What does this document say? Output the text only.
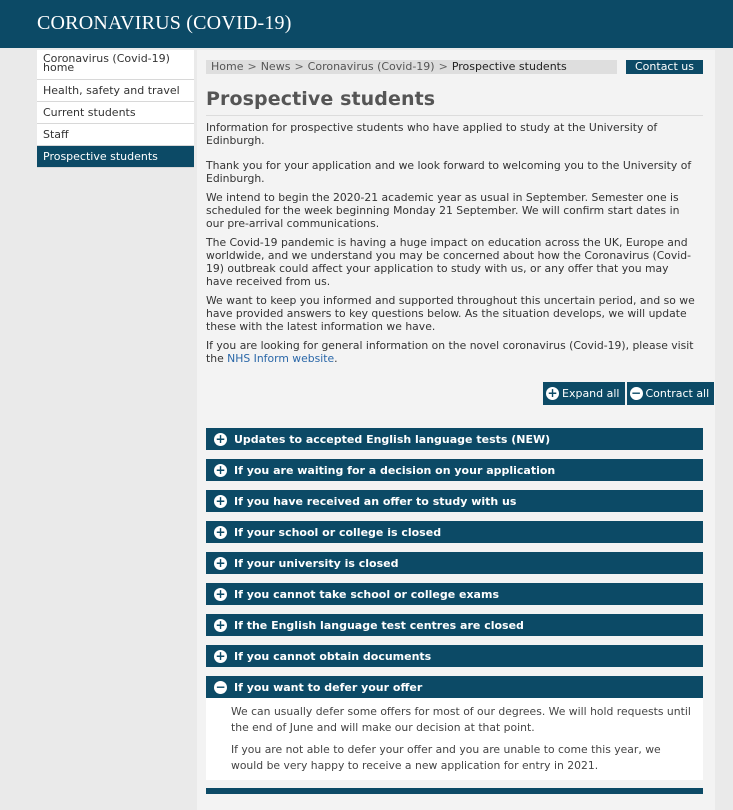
CORONAVIRUS (COVID-19)
Coronavirus (Covid-19) home
Health, safety and travel
Current students
Staff
Prospective students
Home > News > Coronavirus (Covid-19) > Prospective students	Contact us
Prospective students

Information for prospective students who have applied to study at the University of Edinburgh.

Thank you for your application and we look forward to welcoming you to the University of Edinburgh.

We intend to begin the 2020-21 academic year as usual in September. Semester one is scheduled for the week beginning Monday 21 September. We will confirm start dates in our pre-arrival communications.

The Covid-19 pandemic is having a huge impact on education across the UK, Europe and worldwide, and we understand you may be concerned about how the Coronavirus (Covid-19) outbreak could affect your application to study with us, or any offer that you may have received from us.

We want to keep you informed and supported throughout this uncertain period, and so we have provided answers to key questions below. As the situation develops, we will update these with the latest information we have.

If you are looking for general information on the novel coronavirus (Covid-19), please visit the NHS Inform website.

+ Expand all − Contract all
+ Updates to accepted English language tests (NEW)
+ If you are waiting for a decision on your application
+ If you have received an offer to study with us
+ If your school or college is closed
+ If your university is closed
+ If you cannot take school or college exams
+ If the English language test centres are closed
+ If you cannot obtain documents
− If you want to defer your offer

We can usually defer some offers for most of our degrees. We will hold requests until the end of June and will make our decision at that point.

If you are not able to defer your offer and you are unable to come this year, we would be very happy to receive a new application for entry in 2021.
